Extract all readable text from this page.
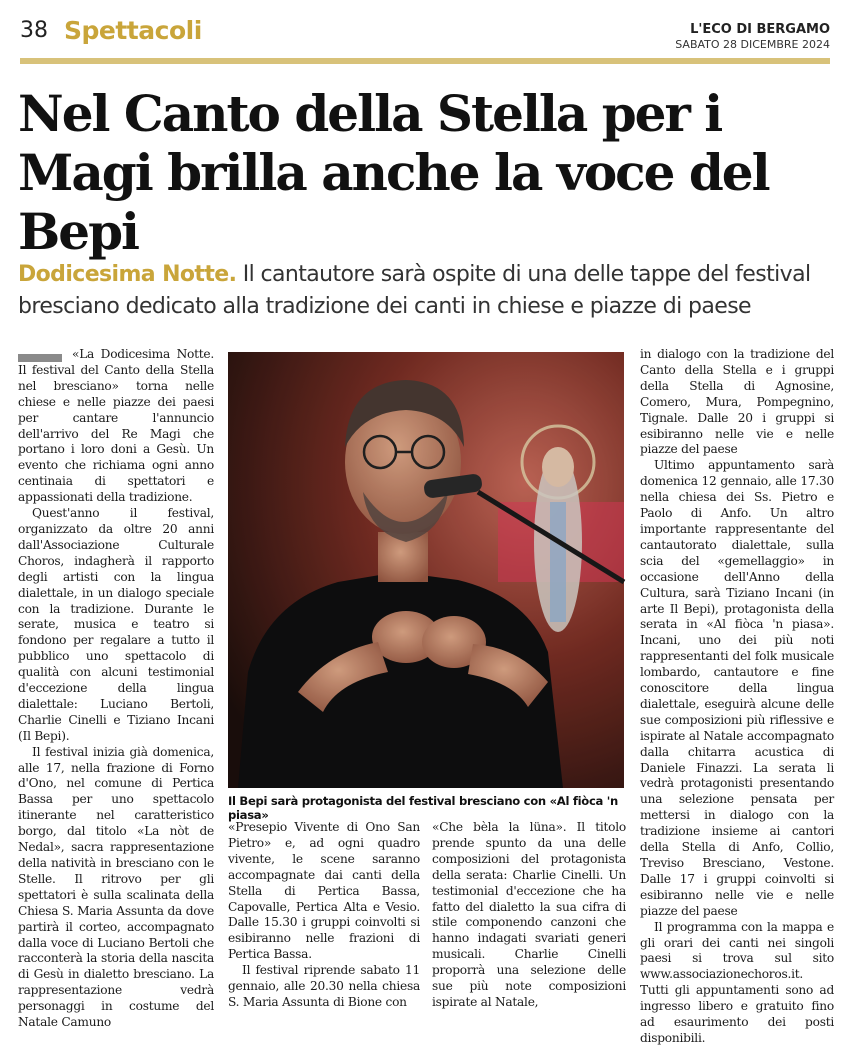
38 Spettacoli	L'ECO DI BERGAMO
SABATO 28 DICEMBRE 2024
Nel Canto della Stella per i Magi brilla anche la voce del Bepi
Dodicesima Notte. Il cantautore sarà ospite di una delle tappe del festival bresciano dedicato alla tradizione dei canti in chiese e piazze di paese

«La Dodicesima Notte. Il festival del Canto della Stella nel bresciano» torna nelle chiese e nelle piazze dei paesi per cantare l'annuncio dell'arrivo del Re Magi che portano i loro doni a Gesù. Un evento che richiama ogni anno centinaia di spettatori e appassionati della tradizione.

Quest'anno il festival, organizzato da oltre 20 anni dall'Associazione Culturale Choros, indagherà il rapporto degli artisti con la lingua dialettale, in un dialogo speciale con la tradizione. Durante le serate, musica e teatro si fondono per regalare a tutto il pubblico uno spettacolo di qualità con alcuni testimonial d'eccezione della lingua dialettale: Luciano Bertoli, Charlie Cinelli e Tiziano Incani (Il Bepi).

Il festival inizia già domenica, alle 17, nella frazione di Forno d'Ono, nel comune di Pertica Bassa per uno spettacolo itinerante nel caratteristico borgo, dal titolo «La nòt de Nedal», sacra rappresentazione della natività in bresciano con le Stelle. Il ritrovo per gli spettatori è sulla scalinata della Chiesa S. Maria Assunta da dove partirà il corteo, accompagnato dalla voce di Luciano Bertoli che racconterà la storia della nascita di Gesù in dialetto bresciano. La rappresentazione vedrà personaggi in costume del Natale Camuno

Il Bepi sarà protagonista del festival bresciano con «Al fiòca 'n piasa»

«Presepio Vivente di Ono San Pietro» e, ad ogni quadro vivente, le scene saranno accompagnate dai canti della Stella di Pertica Bassa, Capovalle, Pertica Alta e Vesio. Dalle 15.30 i gruppi coinvolti si esibiranno nelle frazioni di Pertica Bassa.

Il festival riprende sabato 11 gennaio, alle 20.30 nella chiesa S. Maria Assunta di Bione con

«Che bèla la lüna». Il titolo prende spunto da una delle composizioni del protagonista della serata: Charlie Cinelli. Un testimonial d'eccezione che ha fatto del dialetto la sua cifra di stile componendo canzoni che hanno indagati svariati generi musicali. Charlie Cinelli proporrà una selezione delle sue più note composizioni ispirate al Natale,

in dialogo con la tradizione del Canto della Stella e i gruppi della Stella di Agnosine, Comero, Mura, Pompegnino, Tignale. Dalle 20 i gruppi si esibiranno nelle vie e nelle piazze del paese

Ultimo appuntamento sarà domenica 12 gennaio, alle 17.30 nella chiesa dei Ss. Pietro e Paolo di Anfo. Un altro importante rappresentante del cantautorato dialettale, sulla scia del «gemellaggio» in occasione dell'Anno della Cultura, sarà Tiziano Incani (in arte Il Bepi), protagonista della serata in «Al fiòca 'n piasa». Incani, uno dei più noti rappresentanti del folk musicale lombardo, cantautore e fine conoscitore della lingua dialettale, eseguirà alcune delle sue composizioni più riflessive e ispirate al Natale accompagnato dalla chitarra acustica di Daniele Finazzi. La serata li vedrà protagonisti presentando una selezione pensata per mettersi in dialogo con la tradizione insieme ai cantori della Stella di Anfo, Collio, Treviso Bresciano, Vestone. Dalle 17 i gruppi coinvolti si esibiranno nelle vie e nelle piazze del paese

Il programma con la mappa e gli orari dei canti nei singoli paesi si trova sul sito www.associazionechoros.it. Tutti gli appuntamenti sono ad ingresso libero e gratuito fino ad esaurimento dei posti disponibili.
